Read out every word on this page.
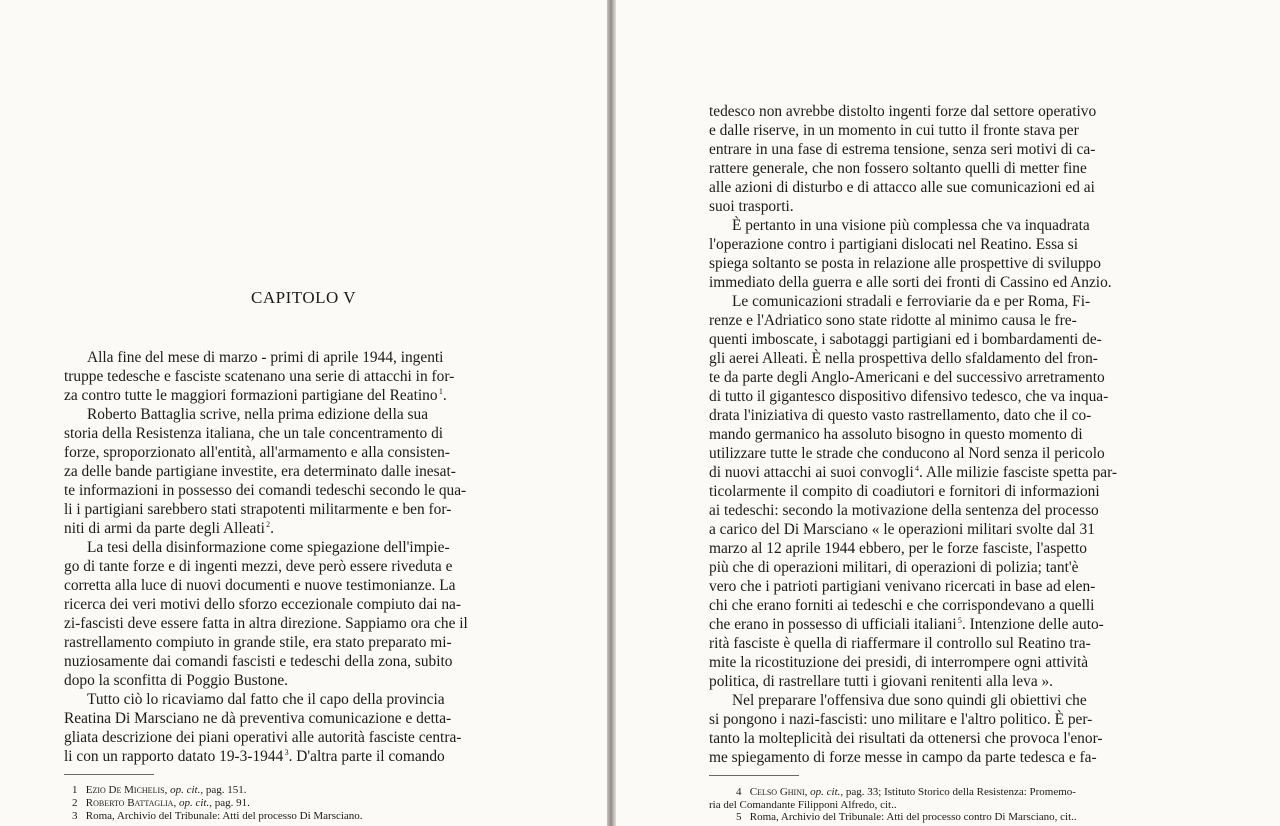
CAPITOLO V
Alla fine del mese di marzo - primi di aprile 1944, ingenti
truppe tedesche e fasciste scatenano una serie di attacchi in for-
za contro tutte le maggiori formazioni partigiane del Reatino $^1$.
Roberto Battaglia scrive, nella prima edizione della sua
storia della Resistenza italiana, che un tale concentramento di
forze, sproporzionato all'entità, all'armamento e alla consisten-
za delle bande partigiane investite, era determinato dalle inesat-
te informazioni in possesso dei comandi tedeschi secondo le qua-
li i partigiani sarebbero stati strapotenti militarmente e ben for-
niti di armi da parte degli Alleati $^2$.
La tesi della disinformazione come spiegazione dell'impie-
go di tante forze e di ingenti mezzi, deve però essere riveduta e
corretta alla luce di nuovi documenti e nuove testimonianze. La
ricerca dei veri motivi dello sforzo eccezionale compiuto dai na-
zi-fascisti deve essere fatta in altra direzione. Sappiamo ora che il
rastrellamento compiuto in grande stile, era stato preparato mi-
nuziosamente dai comandi fascisti e tedeschi della zona, subito
dopo la sconfitta di Poggio Bustone.
Tutto ciò lo ricaviamo dal fatto che il capo della provincia
Reatina Di Marsciano ne dà preventiva comunicazione e detta-
gliata descrizione dei piani operativi alle autorità fasciste centra-
li con un rapporto datato 19-3-1944 $^3$. D'altra parte il comando
1 Ezio De Michelis, op. cit., pag. 151.
2 Roberto Battaglia, op. cit., pag. 91.
3 Roma, Archivio del Tribunale: Atti del processo Di Marsciano.
tedesco non avrebbe distolto ingenti forze dal settore operativo
e dalle riserve, in un momento in cui tutto il fronte stava per
entrare in una fase di estrema tensione, senza seri motivi di ca-
rattere generale, che non fossero soltanto quelli di metter fine
alle azioni di disturbo e di attacco alle sue comunicazioni ed ai
suoi trasporti.
È pertanto in una visione più complessa che va inquadrata
l'operazione contro i partigiani dislocati nel Reatino. Essa si
spiega soltanto se posta in relazione alle prospettive di sviluppo
immediato della guerra e alle sorti dei fronti di Cassino ed Anzio.
Le comunicazioni stradali e ferroviarie da e per Roma, Fi-
renze e l'Adriatico sono state ridotte al minimo causa le fre-
quenti imboscate, i sabotaggi partigiani ed i bombardamenti de-
gli aerei Alleati. È nella prospettiva dello sfaldamento del fron-
te da parte degli Anglo-Americani e del successivo arretramento
di tutto il gigantesco dispositivo difensivo tedesco, che va inqua-
drata l'iniziativa di questo vasto rastrellamento, dato che il co-
mando germanico ha assoluto bisogno in questo momento di
utilizzare tutte le strade che conducono al Nord senza il pericolo
di nuovi attacchi ai suoi convogli $^4$. Alle milizie fasciste spetta par-
ticolarmente il compito di coadiutori e fornitori di informazioni
ai tedeschi: secondo la motivazione della sentenza del processo
a carico del Di Marsciano « le operazioni militari svolte dal 31
marzo al 12 aprile 1944 ebbero, per le forze fasciste, l'aspetto
più che di operazioni militari, di operazioni di polizia; tant'è
vero che i patrioti partigiani venivano ricercati in base ad elen-
chi che erano forniti ai tedeschi e che corrispondevano a quelli
che erano in possesso di ufficiali italiani $^5$. Intenzione delle auto-
rità fasciste è quella di riaffermare il controllo sul Reatino tra-
mite la ricostituzione dei presidi, di interrompere ogni attività
politica, di rastrellare tutti i giovani renitenti alla leva ».
Nel preparare l'offensiva due sono quindi gli obiettivi che
si pongono i nazi-fascisti: uno militare e l'altro politico. È per-
tanto la molteplicità dei risultati da ottenersi che provoca l'enor-
me spiegamento di forze messe in campo da parte tedesca e fa-
4 Celso Ghini, op. cit., pag. 33; Istituto Storico della Resistenza: Promemo-
ria del Comandante Filipponi Alfredo, cit..
5 Roma, Archivio del Tribunale: Atti del processo contro Di Marsciano, cit..
